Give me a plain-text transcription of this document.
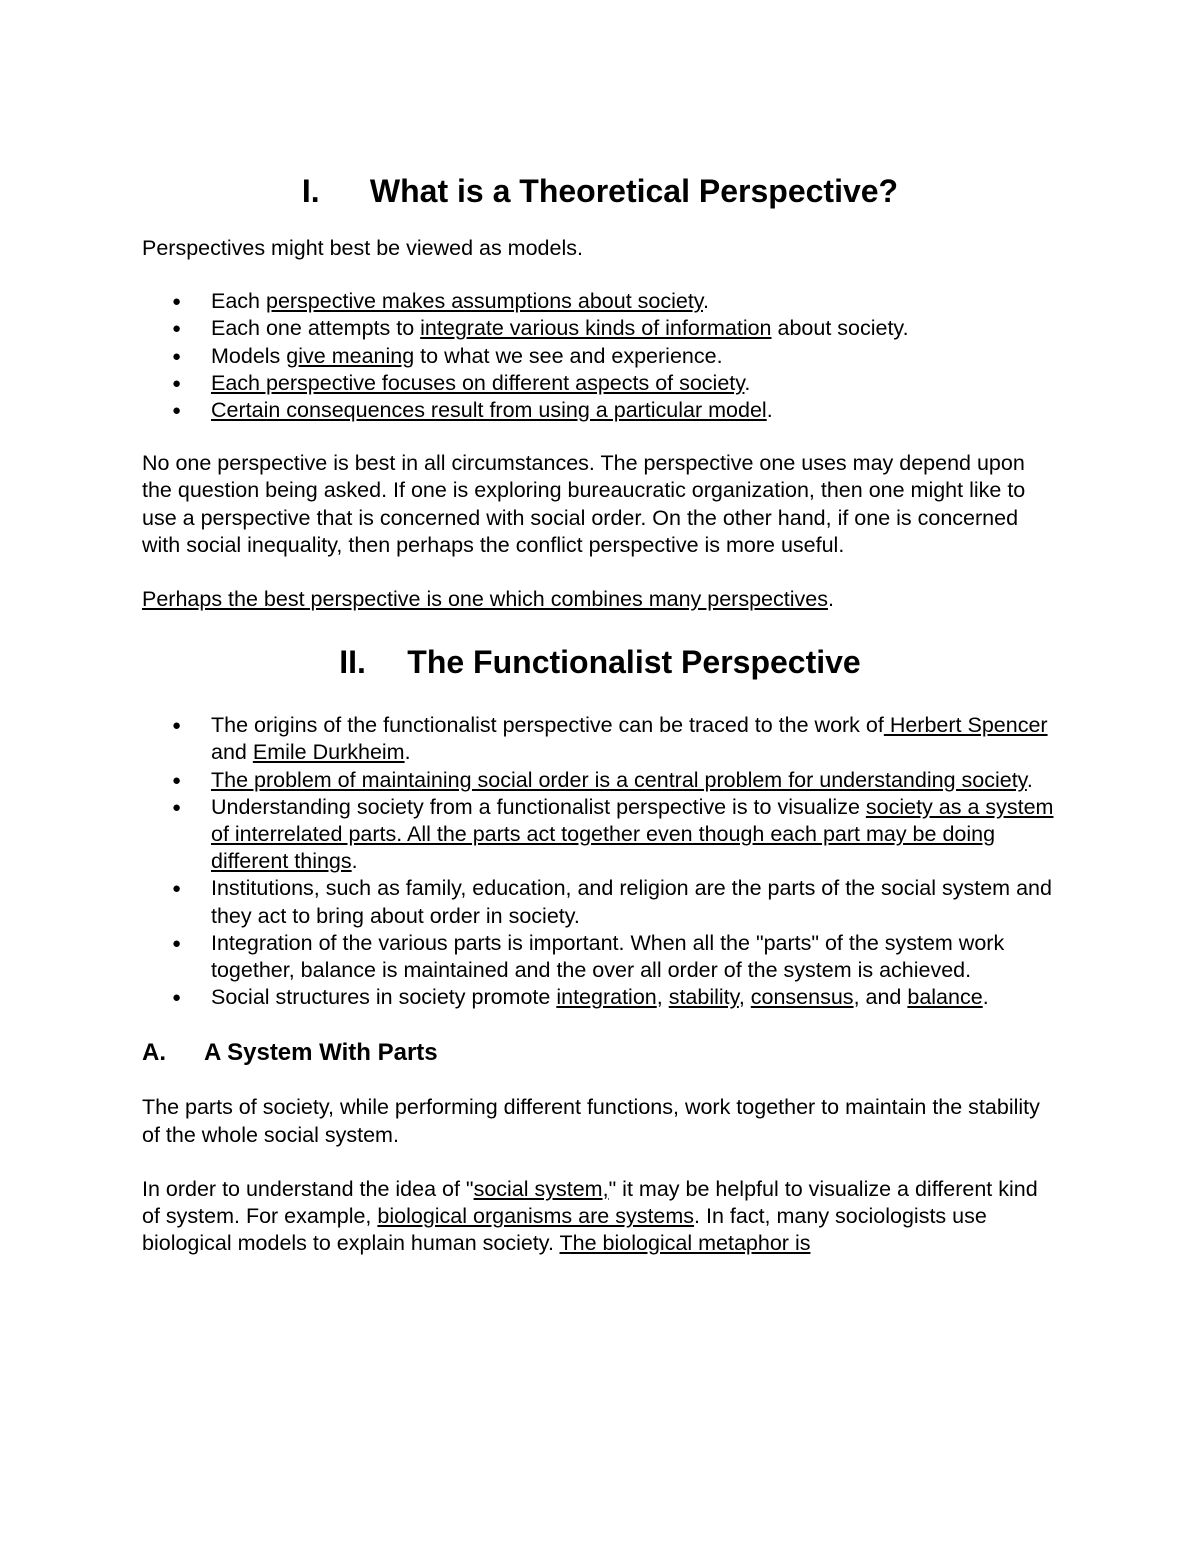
I. What is a Theoretical Perspective?

Perspectives might best be viewed as models.

● Each perspective makes assumptions about society.
● Each one attempts to integrate various kinds of information about society.
● Models give meaning to what we see and experience.
● Each perspective focuses on different aspects of society.
● Certain consequences result from using a particular model.

No one perspective is best in all circumstances. The perspective one uses may depend upon the question being asked. If one is exploring bureaucratic organization, then one might like to use a perspective that is concerned with social order. On the other hand, if one is concerned with social inequality, then perhaps the conflict perspective is more useful.

Perhaps the best perspective is one which combines many perspectives.

II. The Functionalist Perspective
● The origins of the functionalist perspective can be traced to the work of Herbert Spencer and Emile Durkheim.
● The problem of maintaining social order is a central problem for understanding society.
● Understanding society from a functionalist perspective is to visualize society as a system of interrelated parts. All the parts act together even though each part may be doing different things.
● Institutions, such as family, education, and religion are the parts of the social system and they act to bring about order in society.
● Integration of the various parts is important. When all the "parts" of the system work together, balance is maintained and the over all order of the system is achieved.
● Social structures in society promote integration, stability, consensus, and balance.
A. A System With Parts

The parts of society, while performing different functions, work together to maintain the stability of the whole social system.

In order to understand the idea of "social system," it may be helpful to visualize a different kind of system. For example, biological organisms are systems. In fact, many sociologists use biological models to explain human society. The biological metaphor is
